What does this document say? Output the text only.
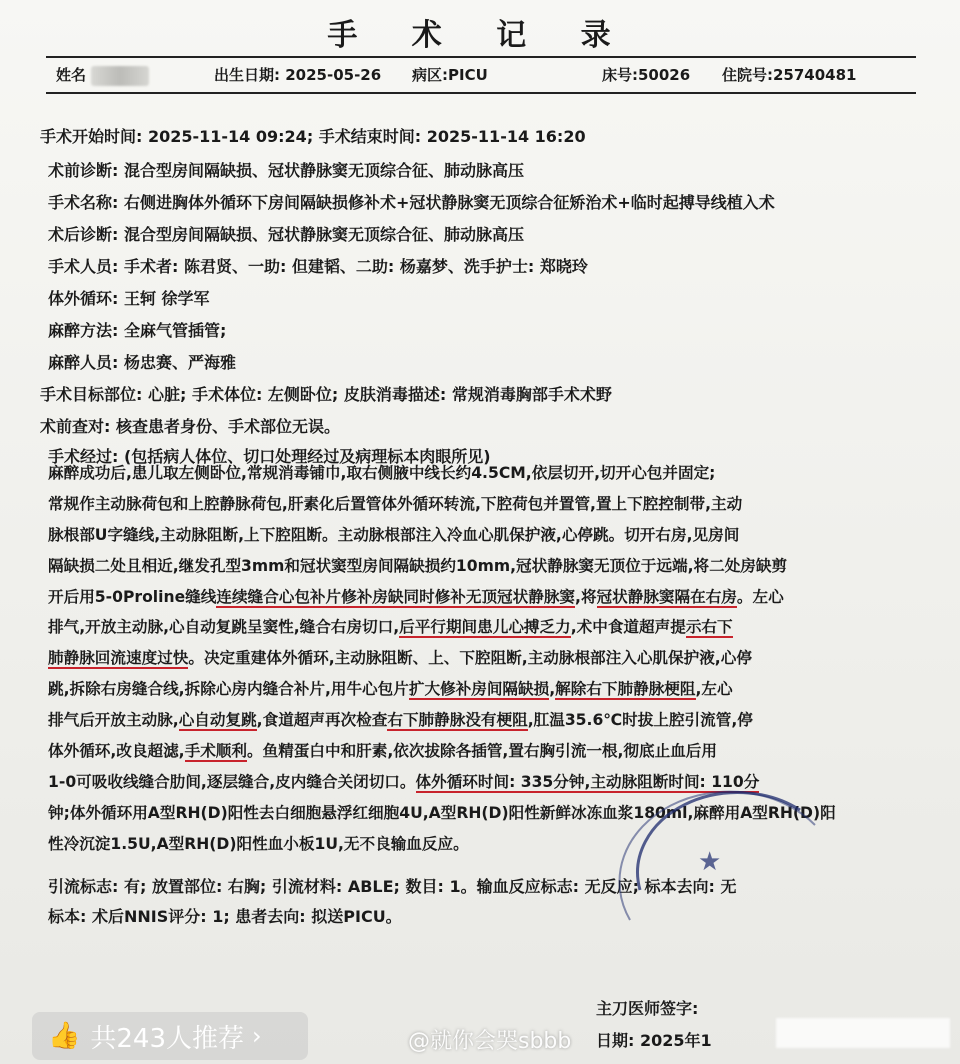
手 术 记 录
姓名	出生日期: 2025-05-26 病区:PICU	床号:50026 住院号:25740481
手术开始时间: 2025-11-14 09:24; 手术结束时间: 2025-11-14 16:20
术前诊断: 混合型房间隔缺损、冠状静脉窦无顶综合征、肺动脉高压
手术名称: 右侧进胸体外循环下房间隔缺损修补术+冠状静脉窦无顶综合征矫治术+临时起搏导线植入术
术后诊断: 混合型房间隔缺损、冠状静脉窦无顶综合征、肺动脉高压
手术人员: 手术者: 陈君贤、一助: 但建韬、二助: 杨嘉梦、洗手护士: 郑晓玲
体外循环: 王轲 徐学军
麻醉方法: 全麻气管插管;
麻醉人员: 杨忠赛、严海雅
手术目标部位: 心脏; 手术体位: 左侧卧位; 皮肤消毒描述: 常规消毒胸部手术术野
术前查对: 核查患者身份、手术部位无误。
手术经过: (包括病人体位、切口处理经过及病理标本肉眼所见)
麻醉成功后,患儿取左侧卧位,常规消毒铺巾,取右侧腋中线长约4.5CM,依层切开,切开心包并固定;
常规作主动脉荷包和上腔静脉荷包,肝素化后置管体外循环转流,下腔荷包并置管,置上下腔控制带,主动
脉根部U字缝线,主动脉阻断,上下腔阻断。主动脉根部注入冷血心肌保护液,心停跳。切开右房,见房间
隔缺损二处且相近,继发孔型3mm和冠状窦型房间隔缺损约10mm,冠状静脉窦无顶位于远端,将二处房缺剪
开后用5-0Proline缝线连续缝合心包补片修补房缺同时修补无顶冠状静脉窦,将冠状静脉窦隔在右房。左心
排气,开放主动脉,心自动复跳呈窦性,缝合右房切口,后平行期间患儿心搏乏力,术中食道超声提示右下
肺静脉回流速度过快。决定重建体外循环,主动脉阻断、上、下腔阻断,主动脉根部注入心肌保护液,心停
跳,拆除右房缝合线,拆除心房内缝合补片,用牛心包片扩大修补房间隔缺损,解除右下肺静脉梗阻,左心
排气后开放主动脉,心自动复跳,食道超声再次检查右下肺静脉没有梗阻,肛温35.6℃时拔上腔引流管,停
体外循环,改良超滤,手术顺利。鱼精蛋白中和肝素,依次拔除各插管,置右胸引流一根,彻底止血后用
1-0可吸收线缝合肋间,逐层缝合,皮内缝合关闭切口。体外循环时间: 335分钟,主动脉阻断时间: 110分
钟;体外循环用A型RH(D)阳性去白细胞悬浮红细胞4U,A型RH(D)阳性新鲜冰冻血浆180ml,麻醉用A型RH(D)阳
性冷沉淀1.5U,A型RH(D)阳性血小板1U,无不良输血反应。
引流标志: 有; 放置部位: 右胸; 引流材料: ABLE; 数目: 1。输血反应标志: 无反应; 标本去向: 无
标本: 术后NNIS评分: 1; 患者去向: 拟送PICU。
★
主刀医师签字:
日期: 2025年1
👍 共243人推荐 ›	@就你会哭sbbb
